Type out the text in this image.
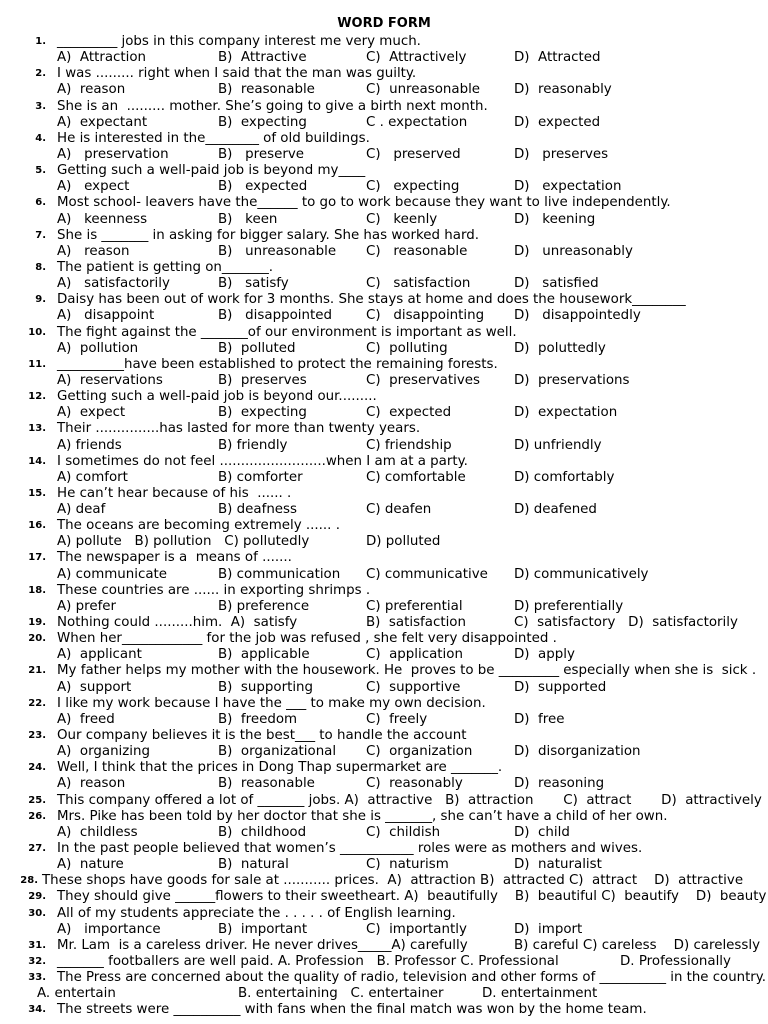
WORD FORM
1. _________ jobs in this company interest me very much.
A)  Attraction	B)  Attractive	C)  Attractively	D)  Attracted
2. I was ......... right when I said that the man was guilty.
A)  reason	B)  reasonable	C)  unreasonable	D)  reasonably
3. She is an  ......... mother. She’s going to give a birth next month.
A)  expectant	B)  expecting	C . expectation	D)  expected
4. He is interested in the________ of old buildings.
A)   preservation	B)   preserve	C)   preserved	D)   preserves
5. Getting such a well-paid job is beyond my____
A)   expect	B)   expected	C)   expecting	D)   expectation
6. Most school- leavers have the______ to go to work because they want to live independently.
A)   keenness	B)   keen	C)   keenly	D)   keening
7. She is _______ in asking for bigger salary. She has worked hard.
A)   reason	B)   unreasonable C)   reasonable	D)   unreasonably
8. The patient is getting on_______.
A)   satisfactorily	B)   satisfy	C)   satisfaction	D)   satisfied
9. Daisy has been out of work for 3 months. She stays at home and does the housework________
A)   disappoint	B)   disappointed	C)   disappointing D)   disappointedly
10. The fight against the _______of our environment is important as well.
A)  pollution	B)  polluted	C)  polluting	D)  poluttedly
11. __________have been established to protect the remaining forests.
A)  reservations	B)  preserves	C)  preservatives	D)  preservations
12. Getting such a well-paid job is beyond our.........
A)  expect	B)  expecting	C)  expected	D)  expectation
13. Their ...............has lasted for more than twenty years.
A) friends	B) friendly	C) friendship	D) unfriendly
14. I sometimes do not feel .........................when I am at a party.
A) comfort	B) comforter	C) comfortable	D) comfortably
15. He can’t hear because of his  ...... .
A) deaf	B) deafness	C) deafen	D) deafened
16. The oceans are becoming extremely ...... .
A) pollute   B) pollution   C) pollutedly	D) polluted
17. The newspaper is a  means of .......
A) communicate	B) communication C) communicative D) communicatively
18. These countries are ...... in exporting shrimps .
A) prefer	B) preference	C) preferential	D) preferentially
19. Nothing could .........him.  A)  satisfy	B)  satisfaction	C)  satisfactory   D)  satisfactorily
20. When her____________ for the job was refused , she felt very disappointed .
A)  applicant	B)  applicable	C)  application	D)  apply
21. My father helps my mother with the housework. He  proves to be _________ especially when she is  sick .
A)  support	B)  supporting	C)  supportive	D)  supported
22. I like my work because I have the ___ to make my own decision.
A)  freed	B)  freedom	C)  freely	D)  free
23. Our company believes it is the best___ to handle the account
A)  organizing	B)  organizational C)  organization	D)  disorganization
24. Well, I think that the prices in Dong Thap supermarket are _______.
A)  reason	B)  reasonable	C)  reasonably	D)  reasoning
25. This company offered a lot of _______ jobs. A)  attractive   B)  attraction       C)  attract       D)  attractively
26. Mrs. Pike has been told by her doctor that she is _______, she can’t have a child of her own.
A)  childless	B)  childhood	C)  childish	D)  child
27. In the past people believed that women’s ___________ roles were as mothers and wives.
A)  nature	B)  natural	C)  naturism	D)  naturalist
28. These shops have goods for sale at ........... prices.  A)  attraction B)  attracted C)  attract    D)  attractive
29. They should give ______flowers to their sweetheart. A)  beautifully    B)  beautiful C)  beautify    D)  beauty
30. All of my students appreciate the . . . . . of English learning.
A)   importance	B)  important	C)  importantly	D)  import
31. Mr. Lam  is a careless driver. He never drives_____A) carefully	B) careful C) careless    D) carelessly
32. _______ footballers are well paid. A. Profession   B. Professor C. Professional	D. Professionally
33. The Press are concerned about the quality of radio, television and other forms of __________ in the country.
A. entertain	B. entertaining   C. entertainer	D. entertainment
34. The streets were __________ with fans when the final match was won by the home team.
